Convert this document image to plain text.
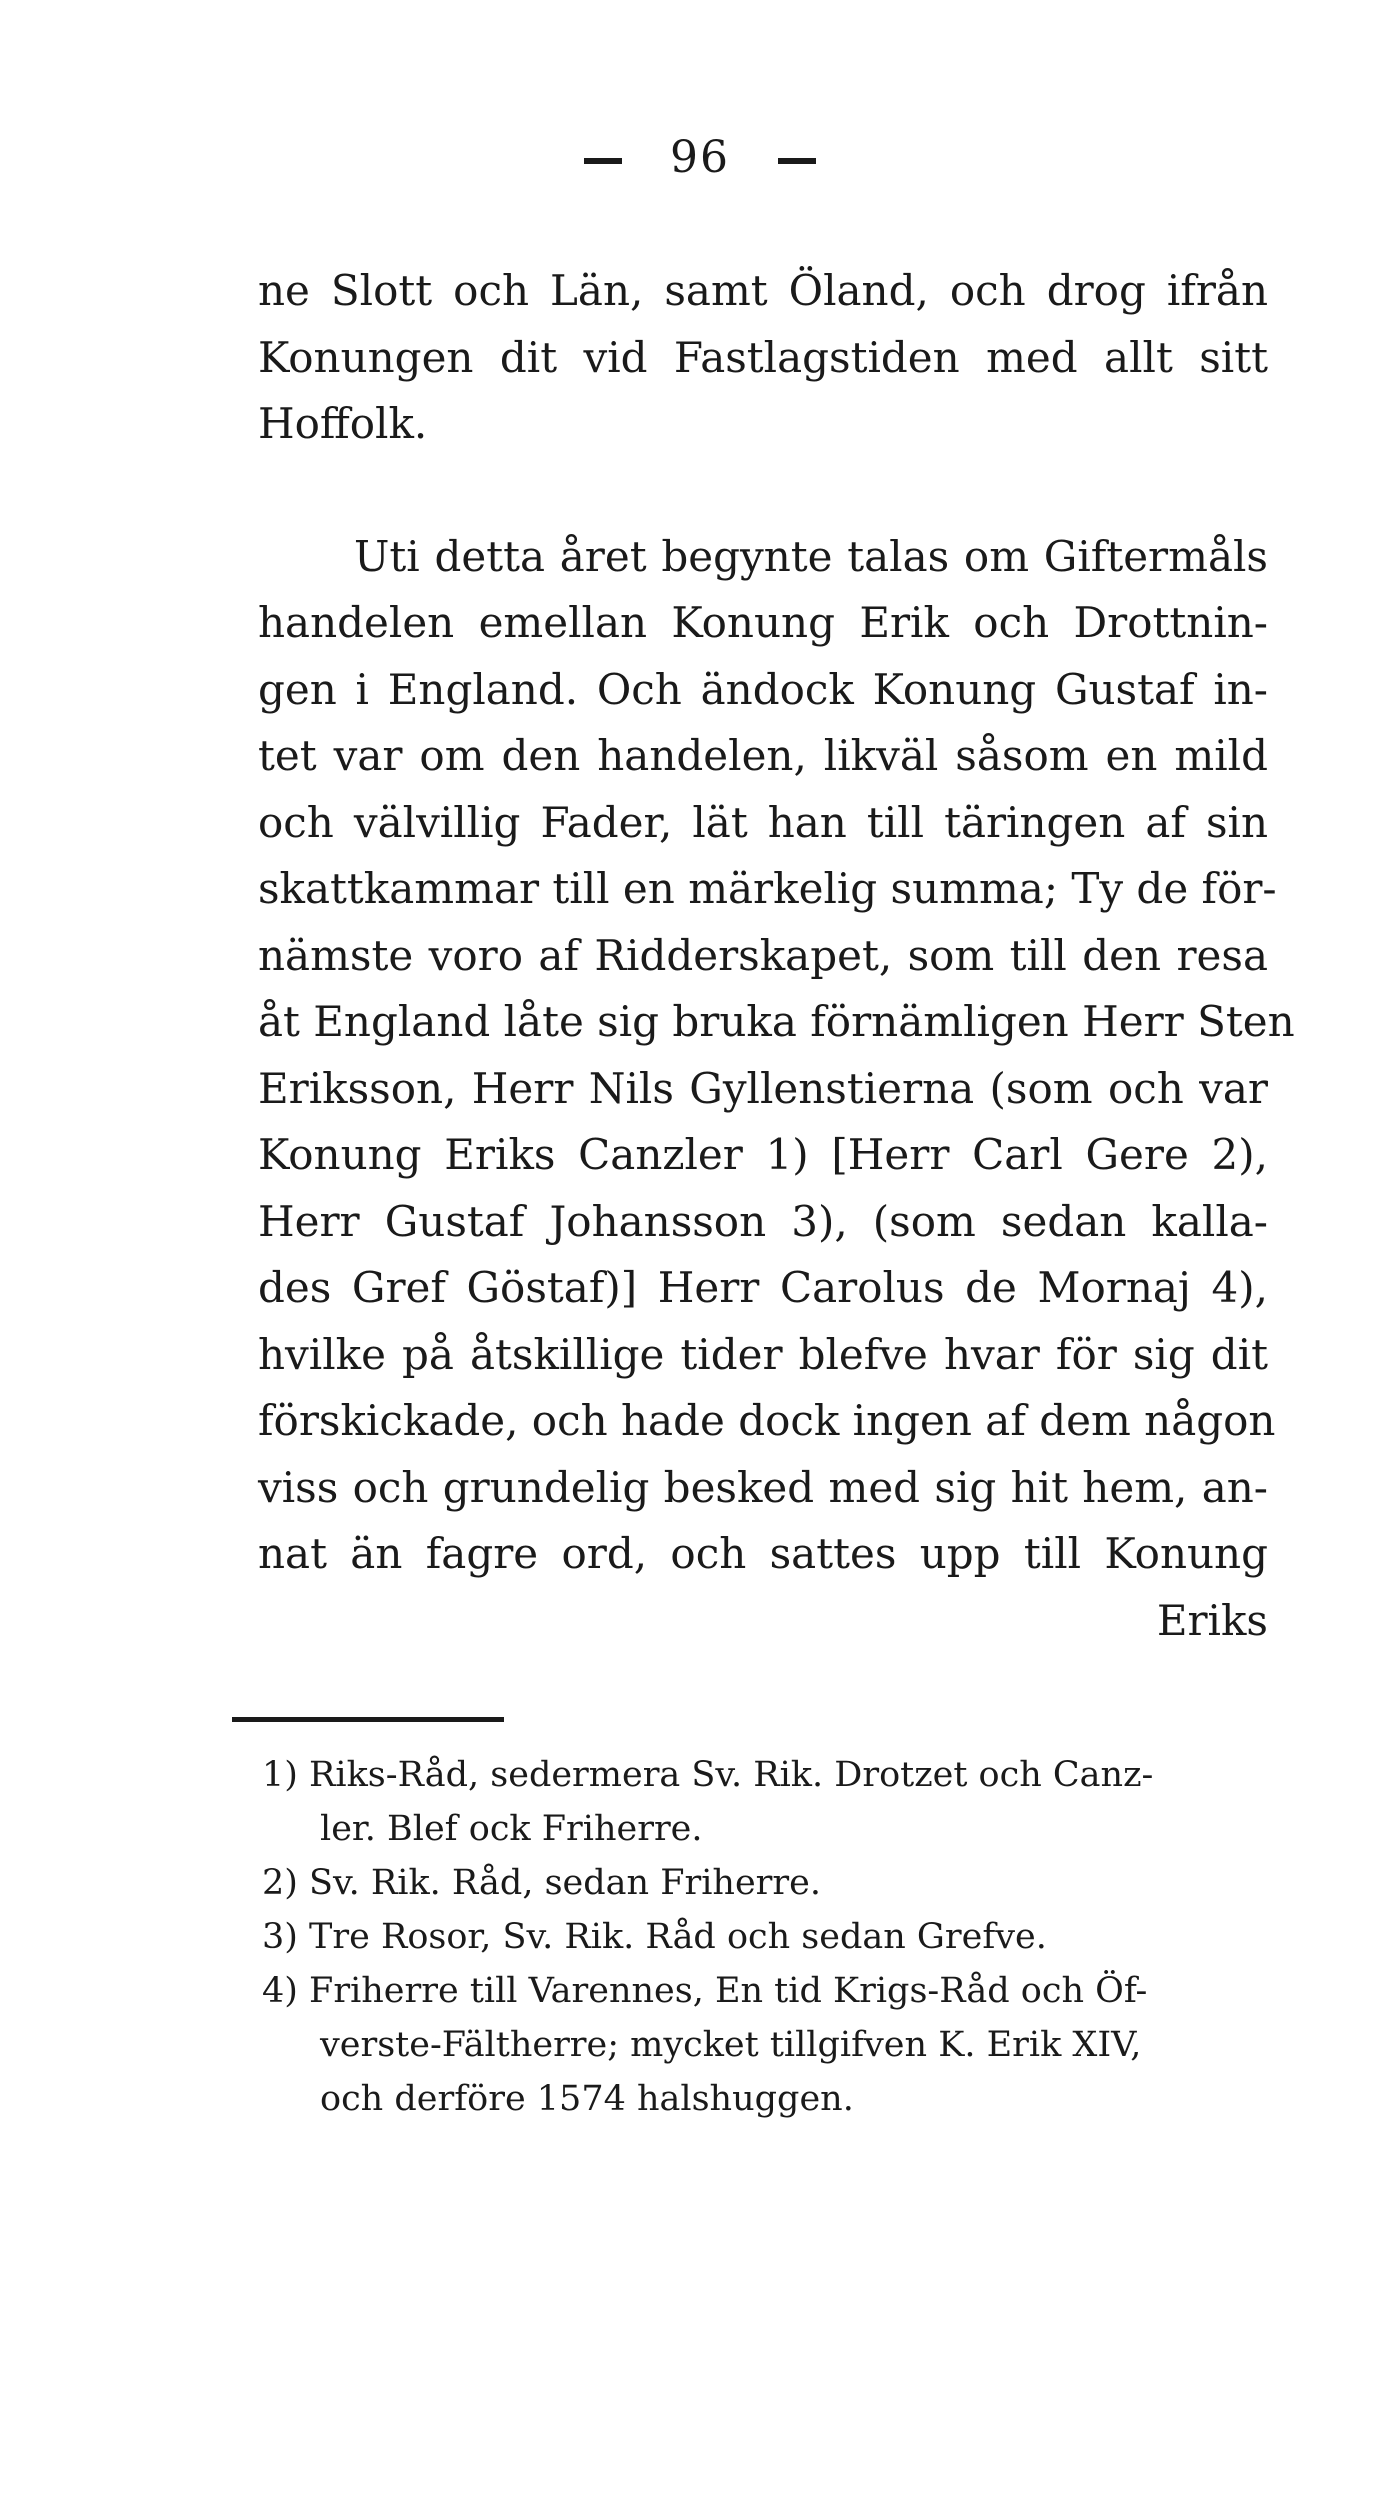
96
ne Slott och Län, samt Öland, och drog ifrån
Konungen dit vid Fastlagstiden med allt sitt
Hoffolk.
Uti detta året begynte talas om Giftermåls
handelen emellan Konung Erik och Drottnin-
gen i England. Och ändock Konung Gustaf in-
tet var om den handelen, likväl såsom en mild
och välvillig Fader, lät han till täringen af sin
skattkammar till en märkelig summa; Ty de för-
nämste voro af Ridderskapet, som till den resa
åt England låte sig bruka förnämligen Herr Sten
Eriksson, Herr Nils Gyllenstierna (som och var
Konung Eriks Canzler 1) [Herr Carl Gere 2),
Herr Gustaf Johansson 3), (som sedan kalla-
des Gref Göstaf)] Herr Carolus de Mornaj 4),
hvilke på åtskillige tider blefve hvar för sig dit
förskickade, och hade dock ingen af dem någon
viss och grundelig besked med sig hit hem, an-
nat än fagre ord, och sattes upp till Konung
Eriks
1) Riks-Råd, sedermera Sv. Rik. Drotzet och Canz-
ler. Blef ock Friherre.
2) Sv. Rik. Råd, sedan Friherre.
3) Tre Rosor, Sv. Rik. Råd och sedan Grefve.
4) Friherre till Varennes, En tid Krigs-Råd och Öf-
verste-Fältherre; mycket tillgifven K. Erik XIV,
och derföre 1574 halshuggen.
